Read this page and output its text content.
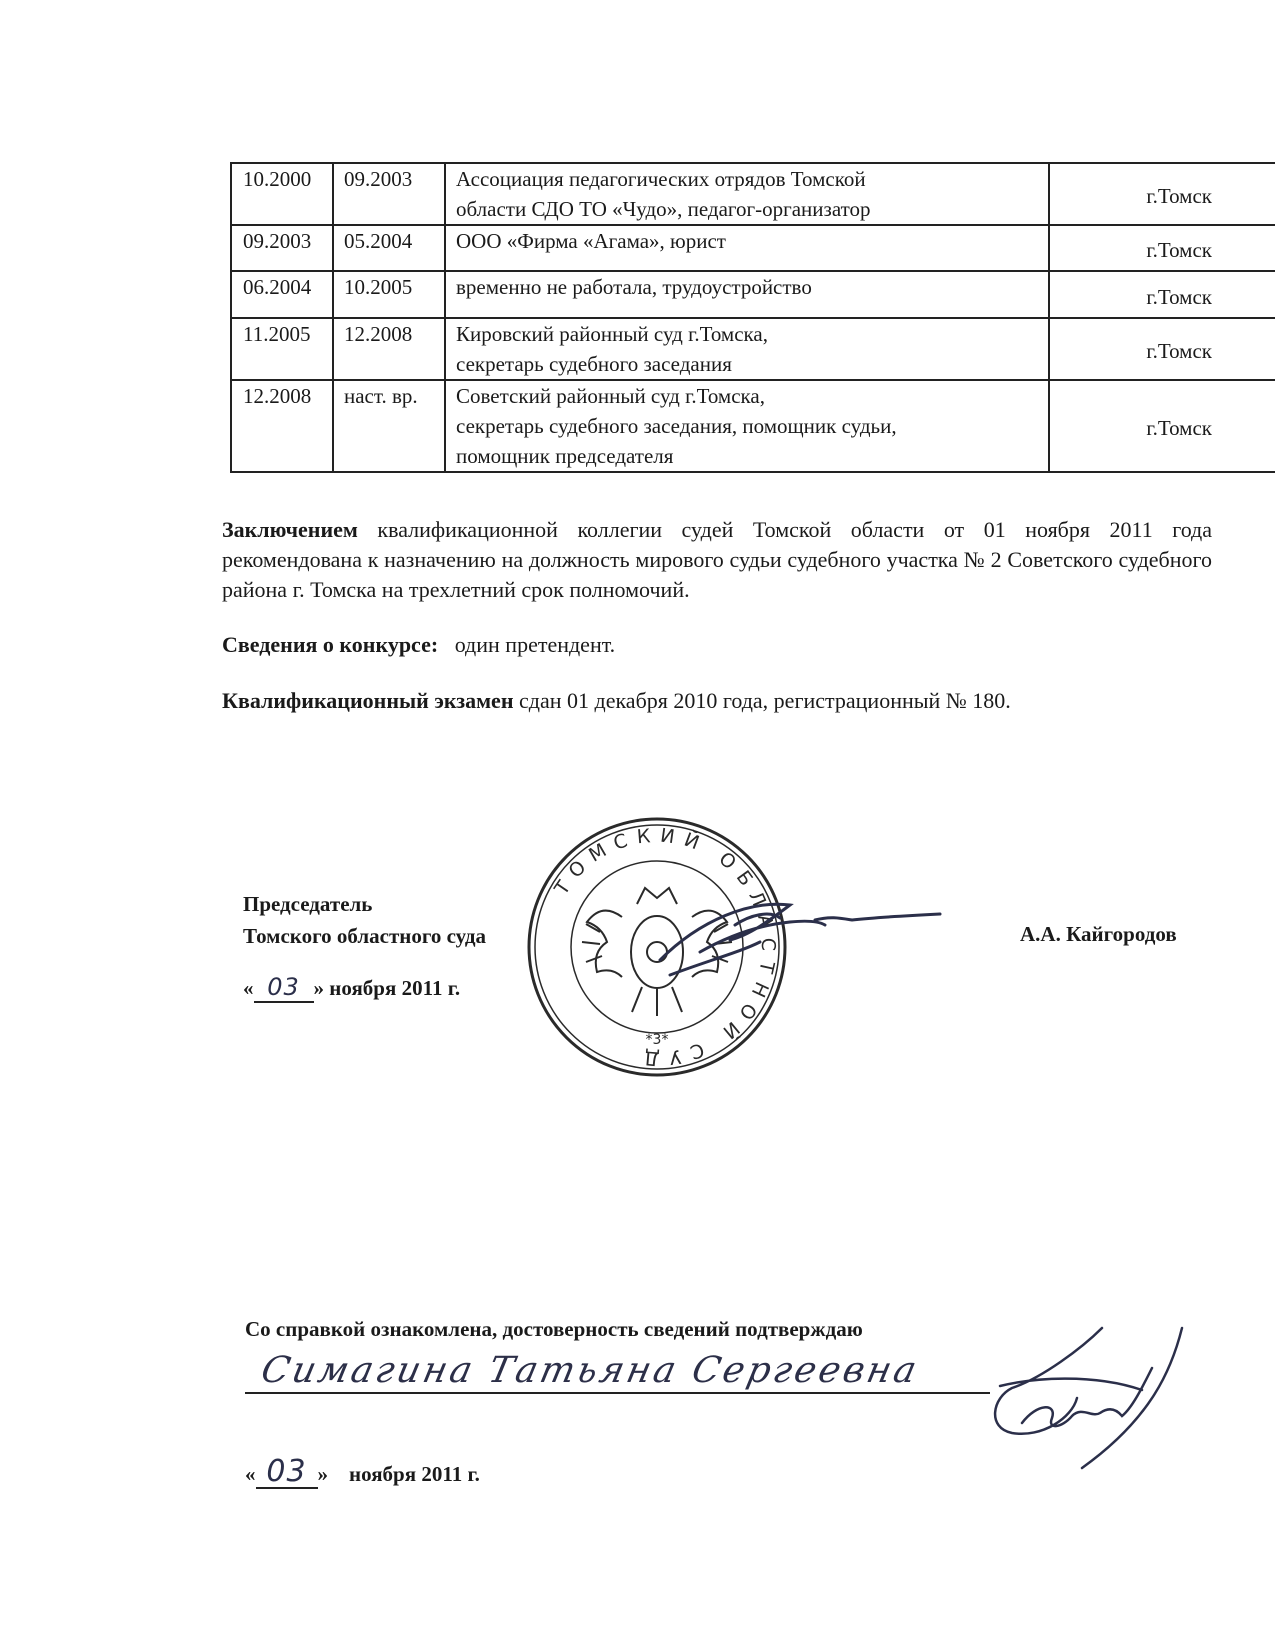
10.2000	09.2003	Ассоциация педагогических отрядов Томской
области СДО ТО «Чудо», педагог-организатор	г.Томск
09.2003	05.2004	ООО «Фирма «Агама», юрист	г.Томск
06.2004	10.2005	временно не работала, трудоустройство	г.Томск
11.2005	12.2008	Кировский районный суд г.Томска,
секретарь судебного заседания	г.Томск
12.2008	наст. вр.	Советский районный суд г.Томска,
секретарь судебного заседания, помощник судьи,
помощник председателя	г.Томск
Заключением квалификационной коллегии судей Томской области от 01 ноября 2011 года рекомендована к назначению на должность мирового судьи судебного участка № 2 Советского судебного района г. Томска на трехлетний срок полномочий.
Сведения о конкурсе: один претендент.
Квалификационный экзамен сдан 01 декабря 2010 года, регистрационный № 180.
ТОМСКИЙ ОБЛАСТНОЙ СУД
*3*
Председатель
Томского областного суда	А.А. Кайгородов
« 03 » ноября 2011 г.
Со справкой ознакомлена, достоверность сведений подтверждаю
Симагина Татьяна Сергеевна
« 03 » ноября 2011 г.
